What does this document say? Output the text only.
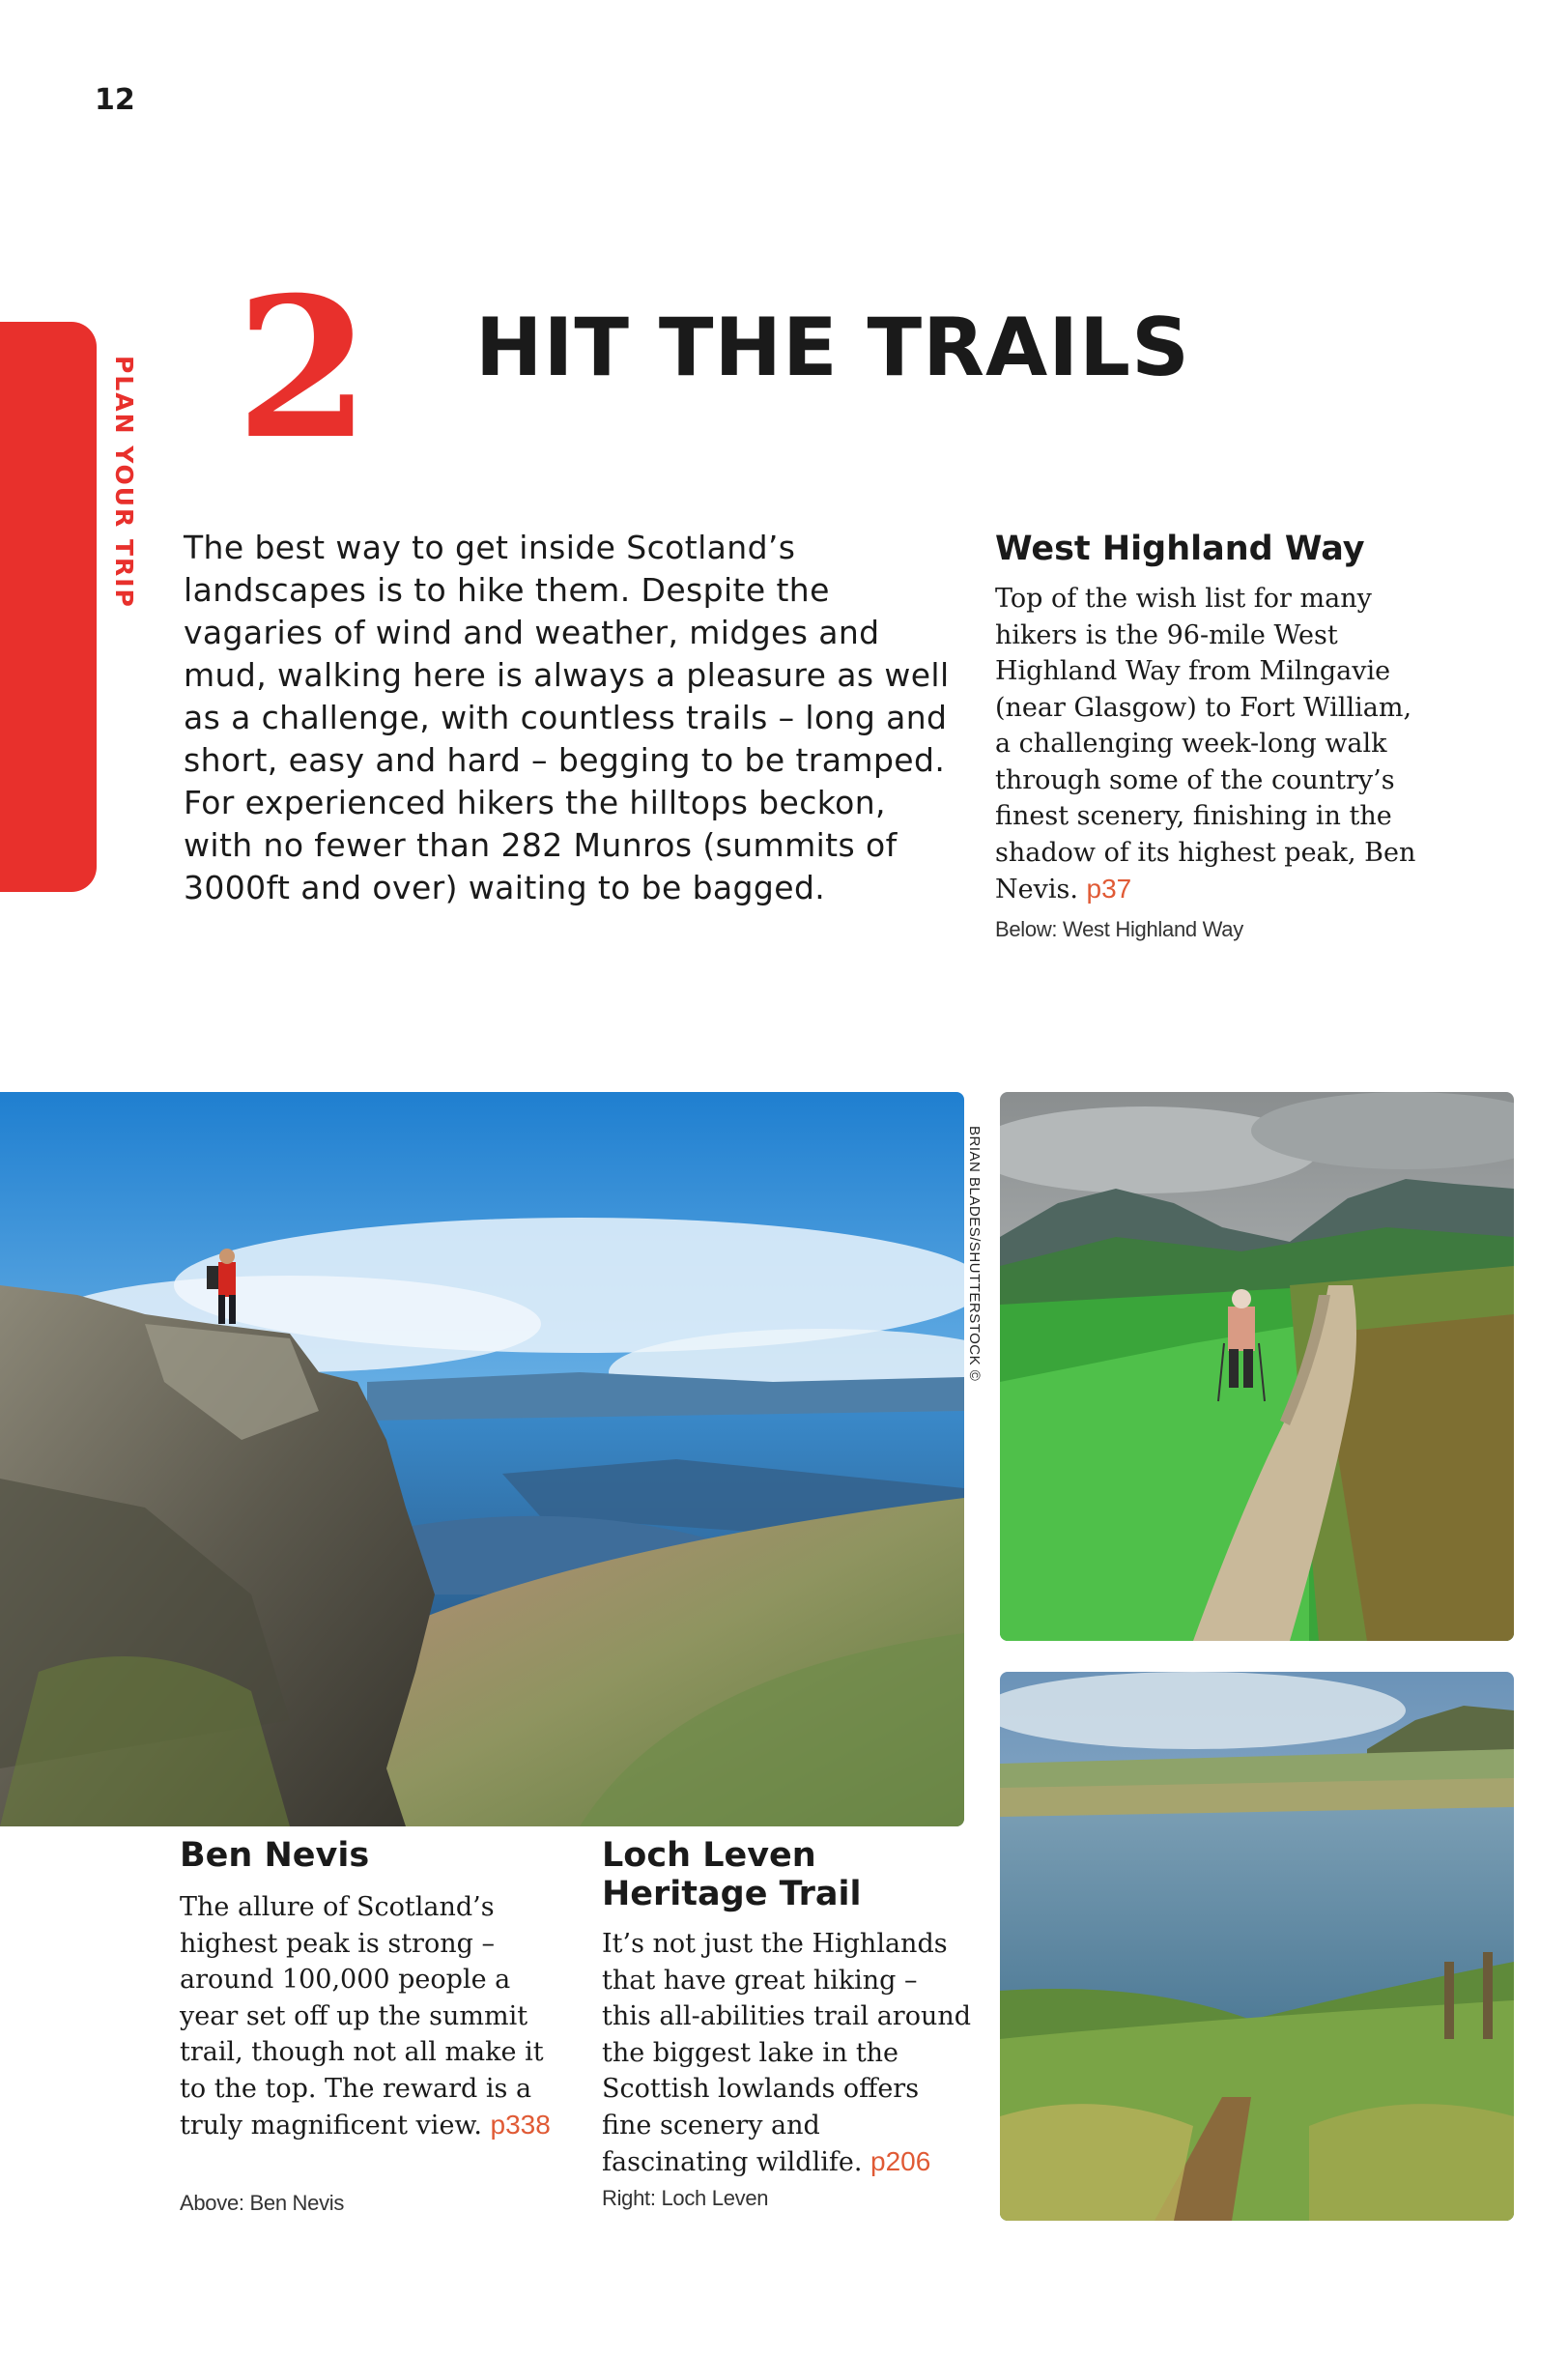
12
PLAN YOUR TRIP 2	HIT THE TRAILS
The best way to get inside Scotland’s landscapes is to hike them. Despite the vagaries of wind and weather, midges and mud, walking here is always a pleasure as well as a challenge, with countless trails – long and short, easy and hard – begging to be tramped. For experienced hikers the hilltops beckon, with no fewer than 282 Munros (summits of 3000ft and over) waiting to be bagged.
West Highland Way
Top of the wish list for many hikers is the 96-mile West Highland Way from Milngavie (near Glasgow) to Fort William, a challenging week-long walk through some of the country’s finest scenery, finishing in the shadow of its highest peak, Ben Nevis. p37
Below: West Highland Way
BRIAN BLADES/SHUTTERSTOCK ©
Ben Nevis
The allure of Scotland’s highest peak is strong – around 100,000 people a year set off up the summit trail, though not all make it to the top. The reward is a truly magnificent view. p338
Above: Ben Nevis
Loch Leven Heritage Trail
It’s not just the Highlands that have great hiking – this all-abilities trail around the biggest lake in the Scottish lowlands offers fine scenery and fascinating wildlife. p206
Right: Loch Leven
